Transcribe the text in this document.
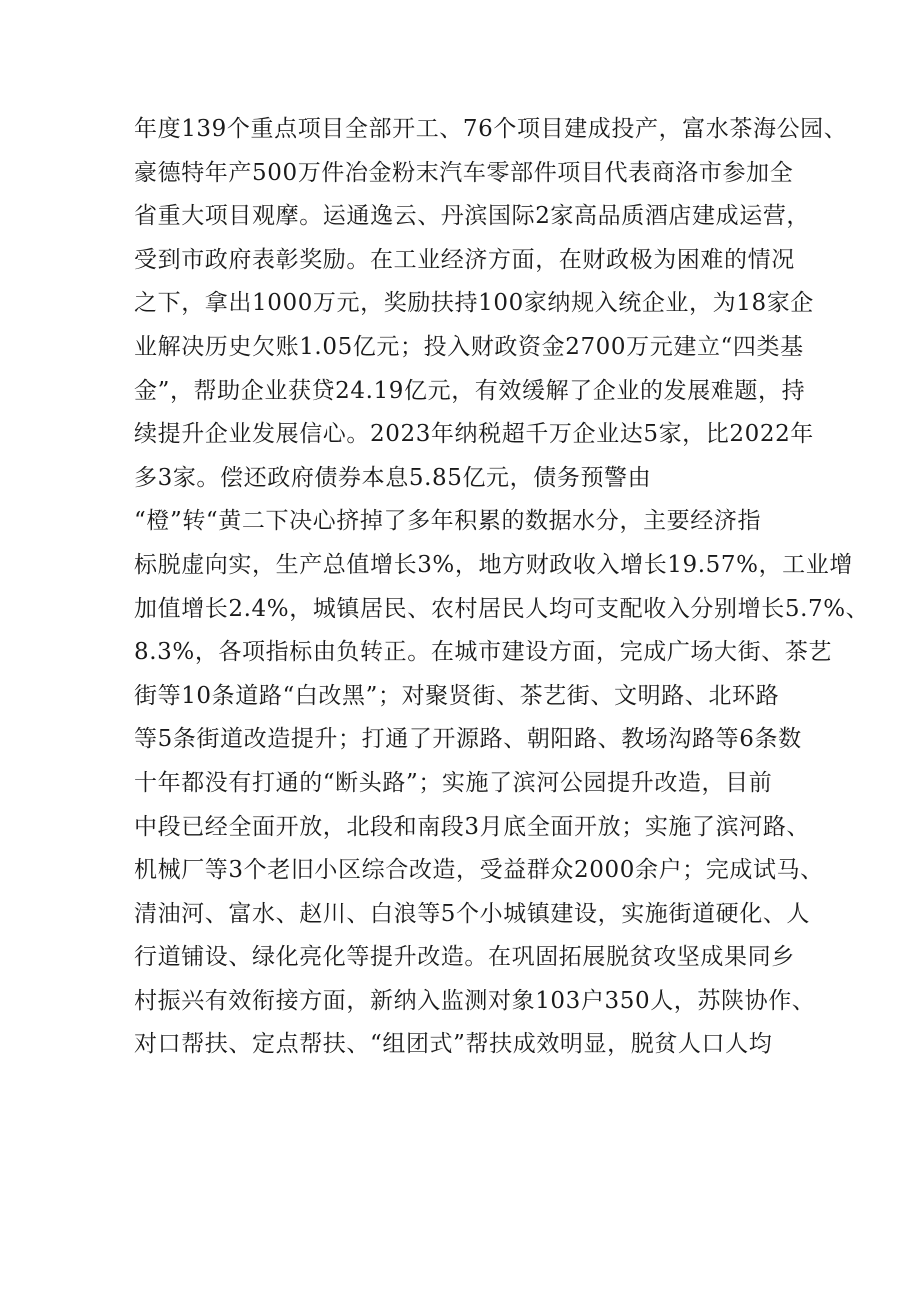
年度139个重点项目全部开工、76个项目建成投产，富水茶海公园、
豪德特年产500万件冶金粉末汽车零部件项目代表商洛市参加全
省重大项目观摩。运通逸云、丹滨国际2家高品质酒店建成运营，
受到市政府表彰奖励。在工业经济方面，在财政极为困难的情况
之下，拿出1000万元，奖励扶持100家纳规入统企业，为18家企
业解决历史欠账1.05亿元；投入财政资金2700万元建立“四类基
金”，帮助企业获贷24.19亿元，有效缓解了企业的发展难题，持
续提升企业发展信心。2023年纳税超千万企业达5家，比2022年
多3家。偿还政府债券本息5.85亿元，债务预警由
“橙”转“黄二下决心挤掉了多年积累的数据水分，主要经济指
标脱虚向实，生产总值增长3%，地方财政收入增长19.57%，工业增
加值增长2.4%，城镇居民、农村居民人均可支配收入分别增长5.7%、
8.3%，各项指标由负转正。在城市建设方面，完成广场大街、茶艺
街等10条道路“白改黑”；对聚贤街、茶艺街、文明路、北环路
等5条街道改造提升；打通了开源路、朝阳路、教场沟路等6条数
十年都没有打通的“断头路”；实施了滨河公园提升改造，目前
中段已经全面开放，北段和南段3月底全面开放；实施了滨河路、
机械厂等3个老旧小区综合改造，受益群众2000余户；完成试马、
清油河、富水、赵川、白浪等5个小城镇建设，实施街道硬化、人
行道铺设、绿化亮化等提升改造。在巩固拓展脱贫攻坚成果同乡
村振兴有效衔接方面，新纳入监测对象103户350人，苏陕协作、
对口帮扶、定点帮扶、“组团式”帮扶成效明显，脱贫人口人均
